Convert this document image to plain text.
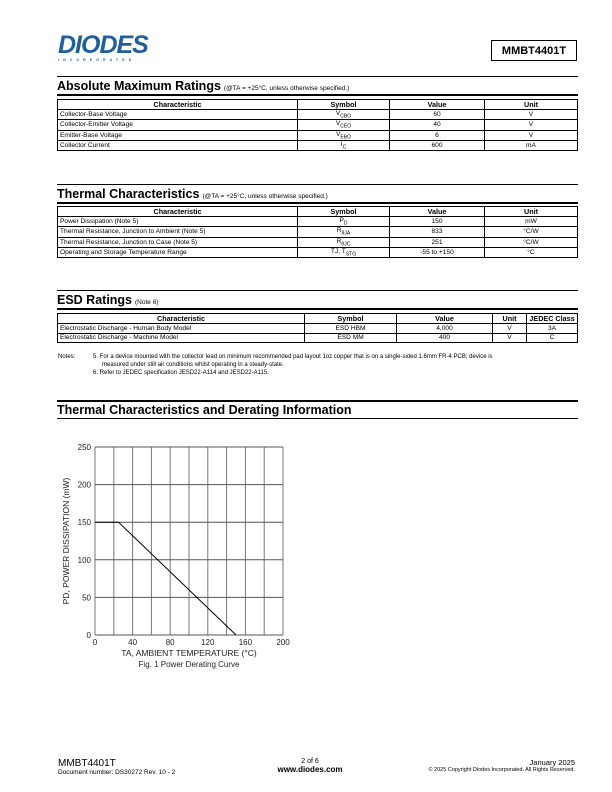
DIODES
INCORPORATED
MMBT4401T
Absolute Maximum Ratings (@TA = +25°C, unless otherwise specified.)
Characteristic	Symbol	Value	Unit
Collector-Base Voltage	$V_{CBO}$	60	V
Collector-Emitter Voltage	$V_{CEO}$	40	V
Emitter-Base Voltage	$V_{EBO}$	6	V
Collector Current	$I_C$	600	mA
Thermal Characteristics (@TA = +25°C, unless otherwise specified.)
Characteristic	Symbol	Value	Unit
Power Dissipation (Note 5)	$P_D$	150	mW
Thermal Resistance, Junction to Ambient (Note 5)	$R_{\theta JA}$	833	°C/W
Thermal Resistance, Junction to Case (Note 5)	$R_{\theta JC}$	251	°C/W
Operating and Storage Temperature Range	TJ, $T_{STG}$	-55 to +150	°C
ESD Ratings (Note 6)
Characteristic	Symbol	Value	Unit	JEDEC Class
Electrostatic Discharge - Human Body Model	ESD HBM	4,000	V	3A
Electrostatic Discharge - Machine Model	ESD MM	400	V	C
Notes:	5. For a device mounted with the collector lead on minimum recommended pad layout 1oz copper that is on a single-sided 1.6mm FR-4 PCB; device is
measured under still air conditions whilst operating in a steady-state.
6. Refer to JEDEC specification JESD22-A114 and JESD22-A115.
Thermal Characteristics and Derating Information
0	40	80	120	160	200
0
50
100
150
200
250
PD, POWER DISSIPATION (mW)
TA, AMBIENT TEMPERATURE (°C)
Fig. 1 Power Derating Curve
MMBT4401T
Document number: DS30272 Rev. 10 - 2
2 of 6
www.diodes.com
January 2025
© 2025 Copyright Diodes Incorporated. All Rights Reserved.
